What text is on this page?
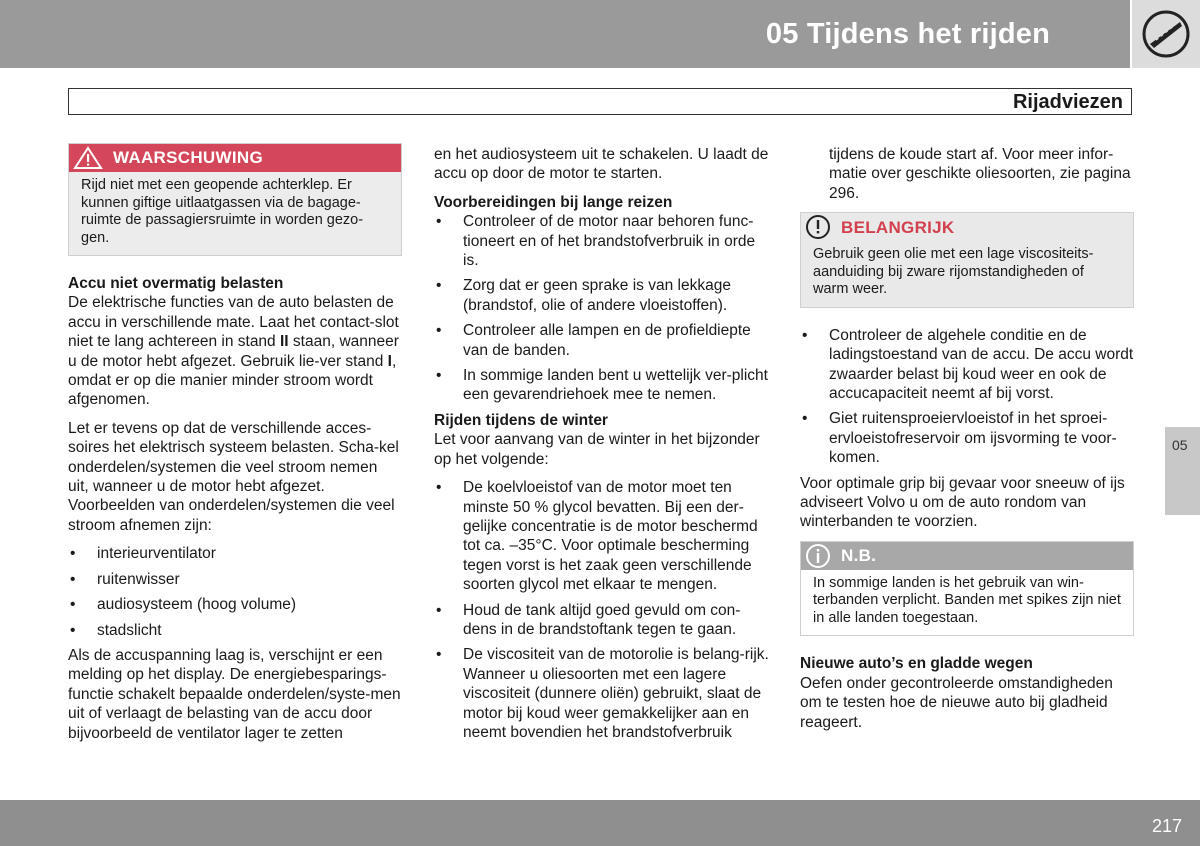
05 Tijdens het rijden
Rijadviezen
05
WAARSCHUWING
Rijd niet met een geopende achterklep. Er kunnen giftige uitlaatgassen via de bagage-ruimte de passagiersruimte in worden gezo-gen.
Accu niet overmatig belasten
De elektrische functies van de auto belasten de accu in verschillende mate. Laat het contact-slot niet te lang achtereen in stand II staan, wanneer u de motor hebt afgezet. Gebruik lie-ver stand I, omdat er op die manier minder stroom wordt afgenomen.
Let er tevens op dat de verschillende acces-soires het elektrisch systeem belasten. Scha-kel onderdelen/systemen die veel stroom nemen uit, wanneer u de motor hebt afgezet. Voorbeelden van onderdelen/systemen die veel stroom afnemen zijn:
• interieurventilator
• ruitenwisser
• audiosysteem (hoog volume)
• stadslicht
Als de accuspanning laag is, verschijnt er een melding op het display. De energiebesparings-functie schakelt bepaalde onderdelen/syste-men uit of verlaagt de belasting van de accu door bijvoorbeeld de ventilator lager te zetten
en het audiosysteem uit te schakelen. U laadt de accu op door de motor te starten.
Voorbereidingen bij lange reizen
• Controleer of de motor naar behoren func-tioneert en of het brandstofverbruik in orde is.
• Zorg dat er geen sprake is van lekkage (brandstof, olie of andere vloeistoffen).
• Controleer alle lampen en de profieldiepte van de banden.
• In sommige landen bent u wettelijk ver-plicht een gevarendriehoek mee te nemen.
Rijden tijdens de winter
Let voor aanvang van de winter in het bijzonder op het volgende:
• De koelvloeistof van de motor moet ten minste 50 % glycol bevatten. Bij een der-gelijke concentratie is de motor beschermd tot ca. –35°C. Voor optimale bescherming tegen vorst is het zaak geen verschillende soorten glycol met elkaar te mengen.
• Houd de tank altijd goed gevuld om con-dens in de brandstoftank tegen te gaan.
• De viscositeit van de motorolie is belang-rijk. Wanneer u oliesoorten met een lagere viscositeit (dunnere oliën) gebruikt, slaat de motor bij koud weer gemakkelijker aan en neemt bovendien het brandstofverbruik
tijdens de koude start af. Voor meer infor-matie over geschikte oliesoorten, zie pagina 296.
BELANGRIJK
Gebruik geen olie met een lage viscositeits-aanduiding bij zware rijomstandigheden of warm weer.
• Controleer de algehele conditie en de ladingstoestand van de accu. De accu wordt zwaarder belast bij koud weer en ook de accucapaciteit neemt af bij vorst.
• Giet ruitensproeiervloeistof in het sproei-ervloeistofreservoir om ijsvorming te voor-komen.
Voor optimale grip bij gevaar voor sneeuw of ijs adviseert Volvo u om de auto rondom van winterbanden te voorzien.
N.B.
In sommige landen is het gebruik van win-terbanden verplicht. Banden met spikes zijn niet in alle landen toegestaan.
Nieuwe auto’s en gladde wegen
Oefen onder gecontroleerde omstandigheden om te testen hoe de nieuwe auto bij gladheid reageert.
217
